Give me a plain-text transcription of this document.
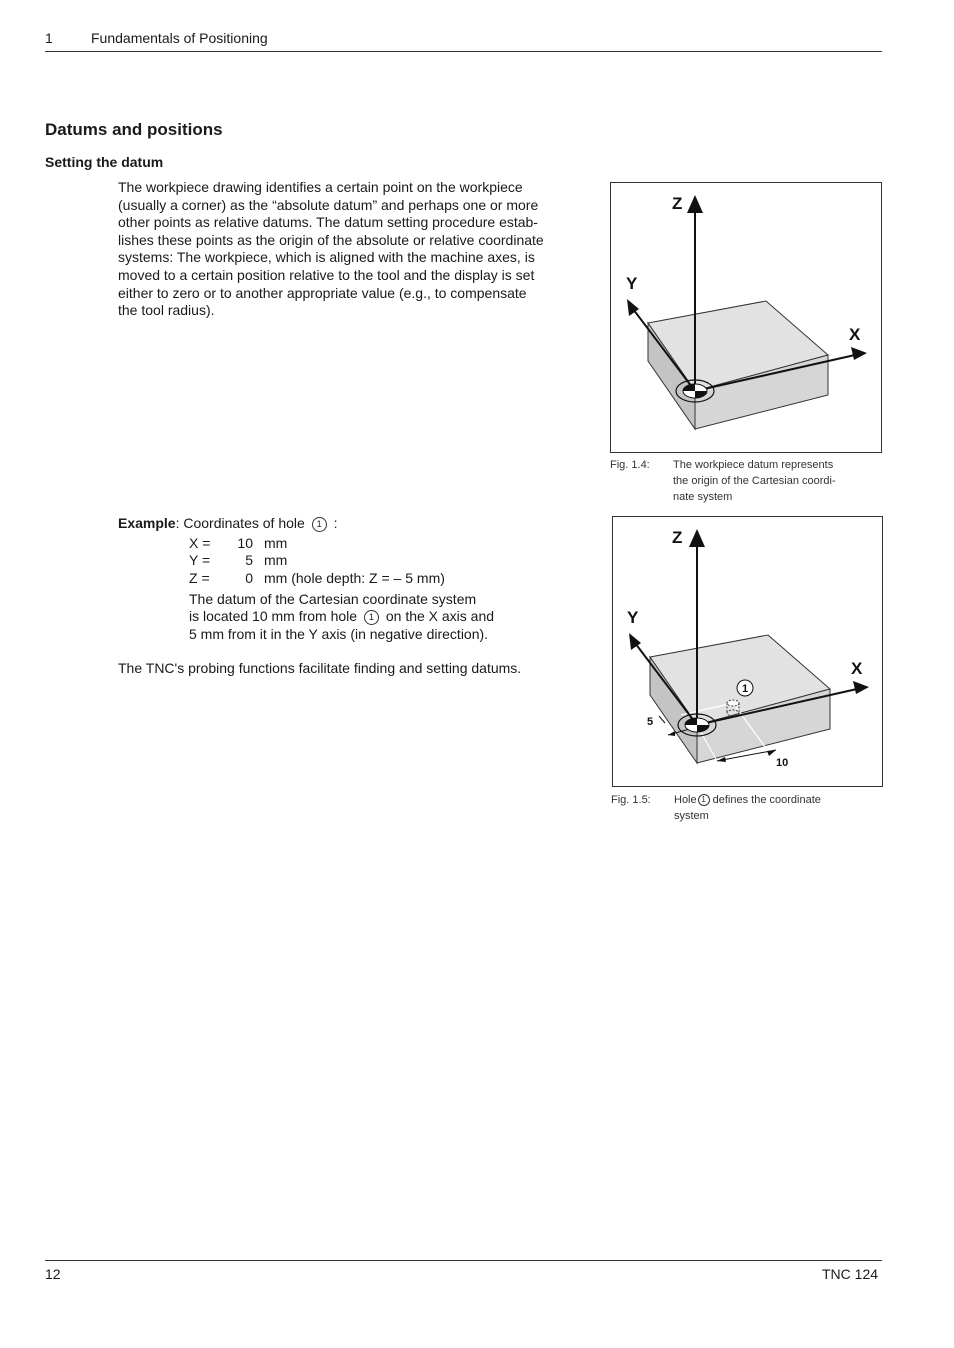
1	Fundamentals of Positioning
Datums and positions
Setting the datum

The workpiece drawing identifies a certain point on the workpiece

(usually a corner) as the “absolute datum” and perhaps one or more

other points as relative datums. The datum setting procedure estab-

lishes these points as the origin of the absolute or relative coordinate

systems: The workpiece, which is aligned with the machine axes, is

moved to a certain position relative to the tool and the display is set

either to zero or to another appropriate value (e.g., to compensate

the tool radius).

Example: Coordinates of hole 1 :
X = 10 mm
Y =	5 mm
Z =	0 mm (hole depth: Z = – 5 mm)

The datum of the Cartesian coordinate system

is located 10 mm from hole 1 on the X axis and

5 mm from it in the Y axis (in negative direction).

The TNC's probing functions facilitate finding and setting datums.
Z
Y
X
Fig. 1.4: The workpiece datum represents
the origin of the Cartesian coordi-
nate system
1
5
10
Z
Y
X
Fig. 1.5: Hole 1 defines the coordinate
system
12	TNC 124
